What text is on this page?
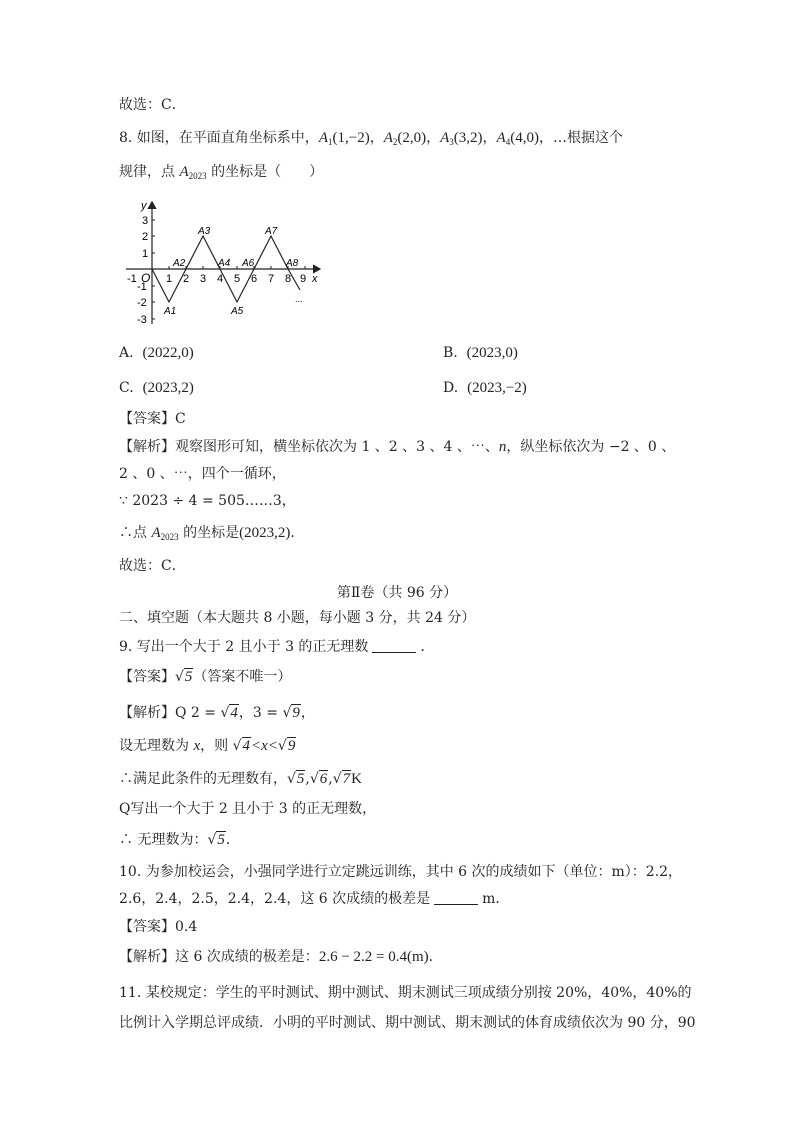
故选：C．
8. 如图，在平面直角坐标系中，$A_1(1,-2)$，$A_2(2,0)$，$A_3(3,2)$，$A_4(4,0)$，…根据这个
规律，点 $A_{2023}$ 的坐标是（　　）
y
x
O
-1	1 2 3 4 5 6 7 8 9
3
2
1
-1
-2
-3
A1
A2
A3
A4
A5
A6
A7
A8
...
A. (2022,0)	B. (2023,0)
C. (2023,2)	D. (2023,−2)
【答案】C
【解析】观察图形可知，横坐标依次为 1 、2 、3 、4 、⋯、n，纵坐标依次为 −2 、0 、
2 、0 、⋯，四个一循环，
∵ 2023 ÷ 4 = 505……3，
∴点 $A_{2023}$ 的坐标是(2023,2)．
故选：C．
第Ⅱ卷（共 96 分）
二、填空题（本大题共 8 小题，每小题 3 分，共 24 分）
9. 写出一个大于 2 且小于 3 的正无理数	．
【答案】√5（答案不唯一）
【解析】Q 2 = √4，3 = √9，
设无理数为 x，则 √4<x<√9
∴满足此条件的无理数有，√5,√6,√7K
Q写出一个大于 2 且小于 3 的正无理数，
∴ 无理数为：√5．
10. 为参加校运会，小强同学进行立定跳远训练，其中 6 次的成绩如下（单位：m）：2.2，
2.6，2.4，2.5，2.4，2.4，这 6 次成绩的极差是	m．
【答案】0.4
【解析】这 6 次成绩的极差是：2.6 − 2.2 = 0.4(m)．
11. 某校规定：学生的平时测试、期中测试、期末测试三项成绩分别按 20%，40%，40%的
比例计入学期总评成绩．小明的平时测试、期中测试、期末测试的体育成绩依次为 90 分，90
